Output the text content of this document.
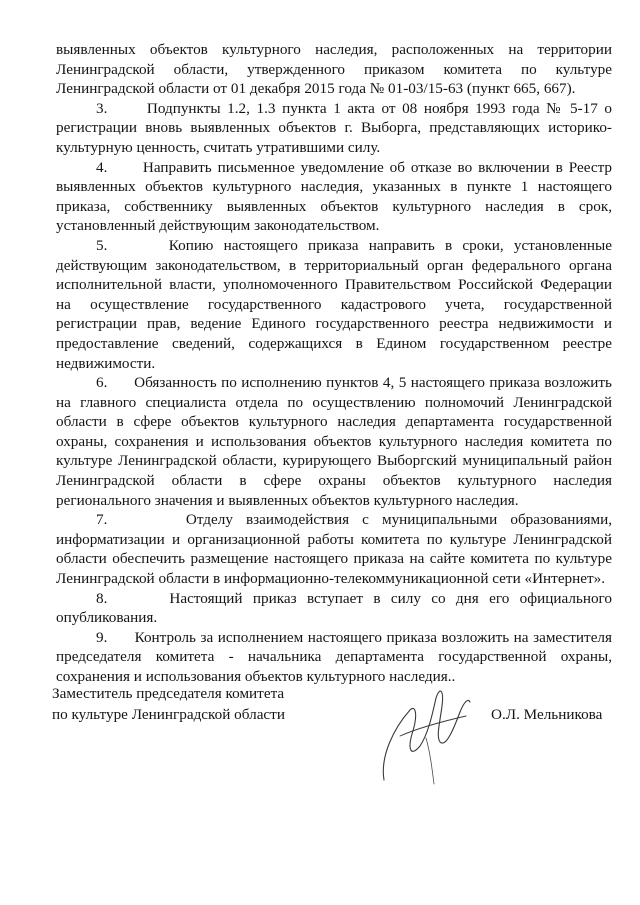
выявленных объектов культурного наследия, расположенных на территории Ленинградской области, утвержденного приказом комитета по культуре Ленинградской области от 01 декабря 2015 года № 01-03/15-63 (пункт 665, 667).

3.      Подпункты 1.2, 1.3 пункта 1 акта от 08 ноября 1993 года № 5-17 о регистрации вновь выявленных объектов г. Выборга, представляющих историко-культурную ценность, считать утратившими силу.

4.      Направить письменное уведомление об отказе во включении в Реестр выявленных объектов культурного наследия, указанных в пункте 1 настоящего приказа, собственнику выявленных объектов культурного наследия в срок, установленный действующим законодательством.

5.      Копию настоящего приказа направить в сроки, установленные действующим законодательством, в территориальный орган федерального органа исполнительной власти, уполномоченного Правительством Российской Федерации на осуществление государственного кадастрового учета, государственной регистрации прав, ведение Единого государственного реестра недвижимости и предоставление сведений, содержащихся в Едином государственном реестре недвижимости.

6.      Обязанность по исполнению пунктов 4, 5 настоящего приказа возложить на главного специалиста отдела по осуществлению полномочий Ленинградской области в сфере объектов культурного наследия департамента государственной охраны, сохранения и использования объектов культурного наследия комитета по культуре Ленинградской области, курирующего Выборгский муниципальный район Ленинградской области в сфере охраны объектов культурного наследия регионального значения и выявленных объектов культурного наследия.

7.      Отделу взаимодействия с муниципальными образованиями, информатизации и организационной работы комитета по культуре Ленинградской области обеспечить размещение настоящего приказа на сайте комитета по культуре Ленинградской области в информационно-телекоммуникационной сети «Интернет».

8.      Настоящий приказ вступает в силу со дня его официального опубликования.

9.      Контроль за исполнением настоящего приказа возложить на заместителя председателя комитета - начальника департамента государственной охраны, сохранения и использования объектов культурного наследия..

Заместитель председателя комитета
по культуре Ленинградской области	О.Л. Мельникова
